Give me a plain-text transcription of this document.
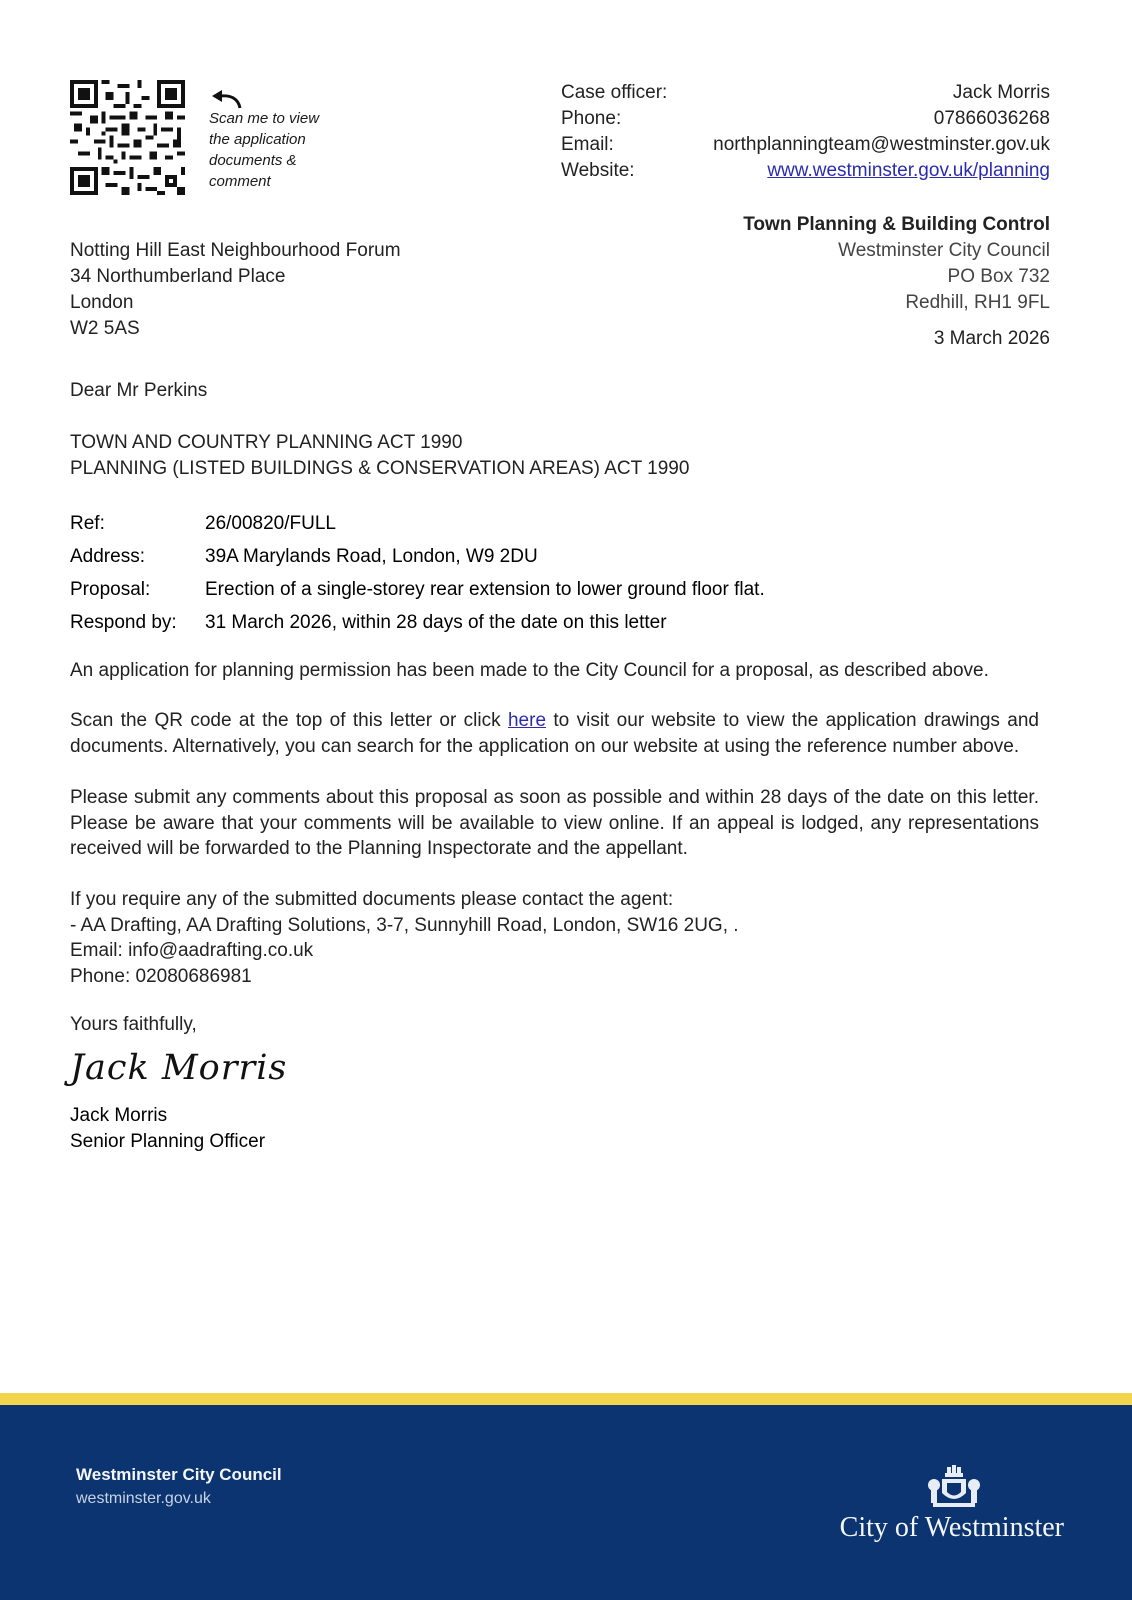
Scan me to view
the application
documents &
comment
Case officer:	Jack Morris
Phone:	07866036268
Email:	northplanningteam@westminster.gov.uk
Website:	www.westminster.gov.uk/planning
Town Planning & Building Control
Westminster City Council
PO Box 732
Redhill, RH1 9FL
3 March 2026
Notting Hill East Neighbourhood Forum
34 Northumberland Place
London
W2 5AS
Dear Mr Perkins
TOWN AND COUNTRY PLANNING ACT 1990
PLANNING (LISTED BUILDINGS & CONSERVATION AREAS) ACT 1990
Ref:	26/00820/FULL
Address:	39A Marylands Road, London, W9 2DU
Proposal:	Erection of a single-storey rear extension to lower ground floor flat.
Respond by:	31 March 2026, within 28 days of the date on this letter
An application for planning permission has been made to the City Council for a proposal, as described above.
Scan the QR code at the top of this letter or click here to visit our website to view the application drawings and documents. Alternatively, you can search for the application on our website at using the reference number above.
Please submit any comments about this proposal as soon as possible and within 28 days of the date on this letter. Please be aware that your comments will be available to view online. If an appeal is lodged, any representations received will be forwarded to the Planning Inspectorate and the appellant.
If you require any of the submitted documents please contact the agent:
- AA Drafting, AA Drafting Solutions, 3-7, Sunnyhill Road, London, SW16 2UG, .
Email: info@aadrafting.co.uk
Phone: 02080686981
Yours faithfully,
Jack Morris
Jack Morris
Senior Planning Officer
Westminster City Council
westminster.gov.uk
City of Westminster
